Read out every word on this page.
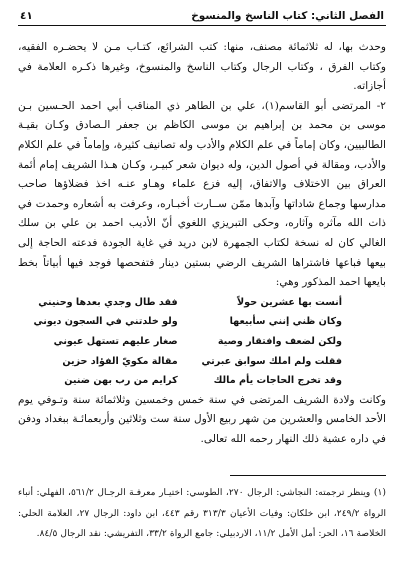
الفصل الثاني: كتاب الناسخ والمنسوخ
٤١

وحدث بها، له ثلاثمائة مصنف، منها: كتب الشرائع، كتـاب مـن لا يحضـره الفقيه، وكتاب الفرق ، وكتاب الرجال وكتاب الناسخ والمنسوخ، وغيرها ذكـره العلامة في أجازاته.

٢- المرتضى أبو القاسم(١)، علي بن الطاهر ذي المناقب أبي احمد الحـسين بـن موسى بن محمد بن إبراهيم بن موسى الكاظم بن جعفر الـصادق وكـان بقيـة الطالبيين، وكان إماماً في علم الكلام والأدب وله تصانيف كثيرة، وإماماً في علم الكلام والأدب، ومقالة في أصول الدين، وله ديوان شعر كبيـر، وكـان هـذا الشريف إمام أئمة العراق بين الاختلاف والاتفاق، إليه فزع علماء وهـاو عنـه اخذ فضلاؤها صاحب مدارسها وجماع شاداتها وآبدها ممّن ســارت أخبـاره، وعرفت به أشعاره وحمدت في ذات الله مآثره وآثاره، وحكى التبريزي اللغوي أنّ الأديب احمد بن علي بن سلك الغالي كان له نسخة لكتاب الجمهرة لابن دريد في غاية الجودة فدعته الحاجة إلى بيعها فباعها فاشتراها الشريف الرضي بستين دينار فتفحصها فوجد فيها أبياتاً بخط بايعها احمد المذكور وهي:

أنست بها عشرين حولاً
فقد طال وجدي بعدها وحنيني
وكان ظني إنني سأبيعها
ولو خلدتني في السجون ديوني
ولكن لضعف وافتقار وصية
صغار عليهم تستهل عيوني
فقلت ولم املك سوابق عبرتي
مقالة مكويّ الفؤاد حزين
وقد تخرج الحاجات يأم مالك
كرايم من رب بهن ضنين

وكانت ولادة الشريف المرتضى في سنة خمس وخمسين وثلاثمائة سنة وتـوفي يوم الأحد الخامس والعشرين من شهر ربيع الأول سنة ست وثلاثين وأربعمائـة ببغداد ودفن في داره عشية ذلك النهار رحمه الله تعالى.

(١) وينظر ترجمته: النجاشي: الرجال ٢٧٠، الطوسي: اختيـار معرفـة الرجـال ٥٦١/٢، الفهلي: أنباء الرواة ٢٤٩/٢، ابن خلكان: وفيات الأعيان ٣١٣/٣ رقم ٤٤٣، ابن داود: الرجال ٢٧، العلامة الحلي: الخلاصة ١٦، الحر: أمل الأمل ١١/٢، الاردبيلي: جامع الرواة ٣٣/٢، التفريشي: نقد الرجال ٨٤/٥.
